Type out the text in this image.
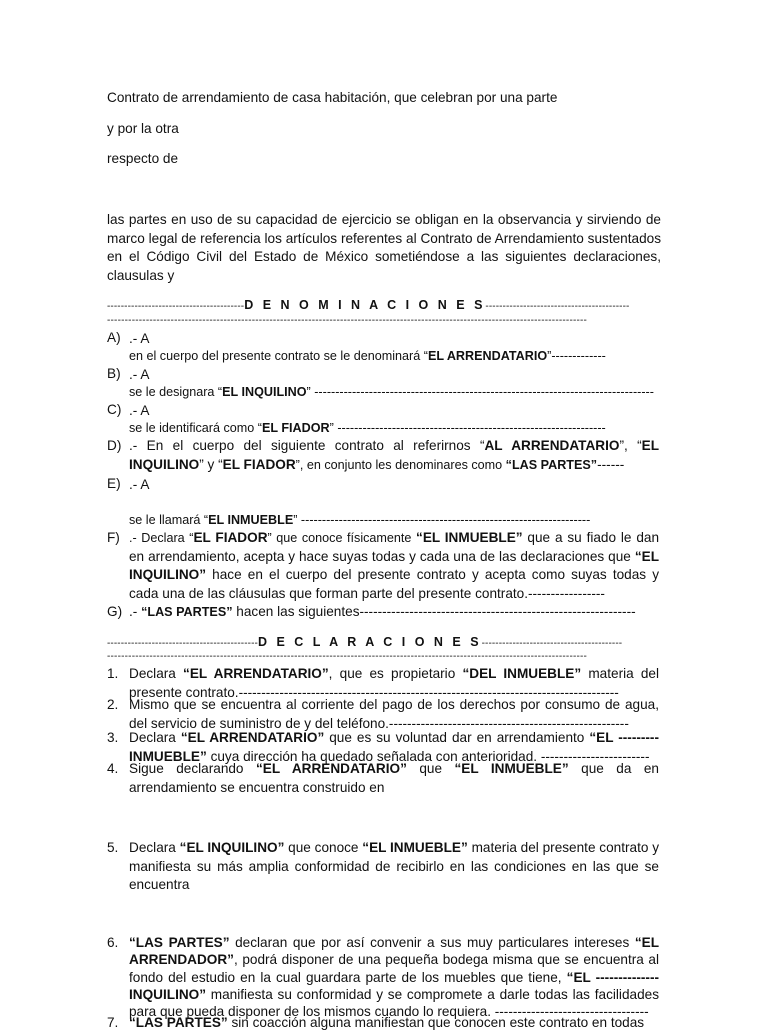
Contrato de arrendamiento de casa habitación, que celebran por una parte
y por la otra
respecto de
las partes en uso de su capacidad de ejercicio se obligan en la observancia y sirviendo de marco legal de referencia los artículos referentes al Contrato de Arrendamiento sustentados en el Código Civil del Estado de México sometiéndose a las siguientes declaraciones, clausulas y
----------------------------------------D E N O M I N A C I O N E S------------------------------------------
----------------------------------------------------------------------------------------------------------------------------------------
A) .- A
en el cuerpo del presente contrato se le denominará “EL ARRENDATARIO”-------------
B) .- A
se le designara “EL INQUILINO” ---------------------------------------------------------------------------------
C) .- A
se le identificará como “EL FIADOR” ----------------------------------------------------------------
D) .- En el cuerpo del siguiente contrato al referirnos “AL ARRENDATARIO”, “EL INQUILINO” y “EL FIADOR”, en conjunto les denominares como “LAS PARTES”------
E) .- A
se le llamará “EL INMUEBLE” ---------------------------------------------------------------------
F) .- Declara “EL FIADOR” que conoce físicamente “EL INMUEBLE” que a su fiado le dan en arrendamiento, acepta y hace suyas todas y cada una de las declaraciones que “EL INQUILINO” hace en el cuerpo del presente contrato y acepta como suyas todas y cada una de las cláusulas que forman parte del presente contrato.-----------------
G) .- “LAS PARTES” hacen las siguientes-------------------------------------------------------------
--------------------------------------------D E C L A R A C I O N E S-----------------------------------------
----------------------------------------------------------------------------------------------------------------------------------------
1. Declara “EL ARRENDATARIO”, que es propietario “DEL INMUEBLE” materia del presente contrato.------------------------------------------------------------------------------------
2. Mismo que se encuentra al corriente del pago de los derechos por consumo de agua, del servicio de suministro de y del teléfono.-----------------------------------------------------
3. Declara “EL ARRENDATARIO” que es su voluntad dar en arrendamiento “EL ---------INMUEBLE” cuya dirección ha quedado señalada con anterioridad. ------------------------
4. Sigue declarando “EL ARRENDATARIO” que “EL INMUEBLE” que da en arrendamiento se encuentra construido en
5. Declara “EL INQUILINO” que conoce “EL INMUEBLE” materia del presente contrato y manifiesta su más amplia conformidad de recibirlo en las condiciones en las que se encuentra
6. “LAS PARTES” declaran que por así convenir a sus muy particulares intereses “EL ARRENDADOR”, podrá disponer de una pequeña bodega misma que se encuentra al fondo del estudio en la cual guardara parte de los muebles que tiene, “EL --------------INQUILINO” manifiesta su conformidad y se compromete a darle todas las facilidades para que pueda disponer de los mismos cuando lo requiera. ----------------------------------
7. “LAS PARTES” sin coacción alguna manifiestan que conocen este contrato en todas
